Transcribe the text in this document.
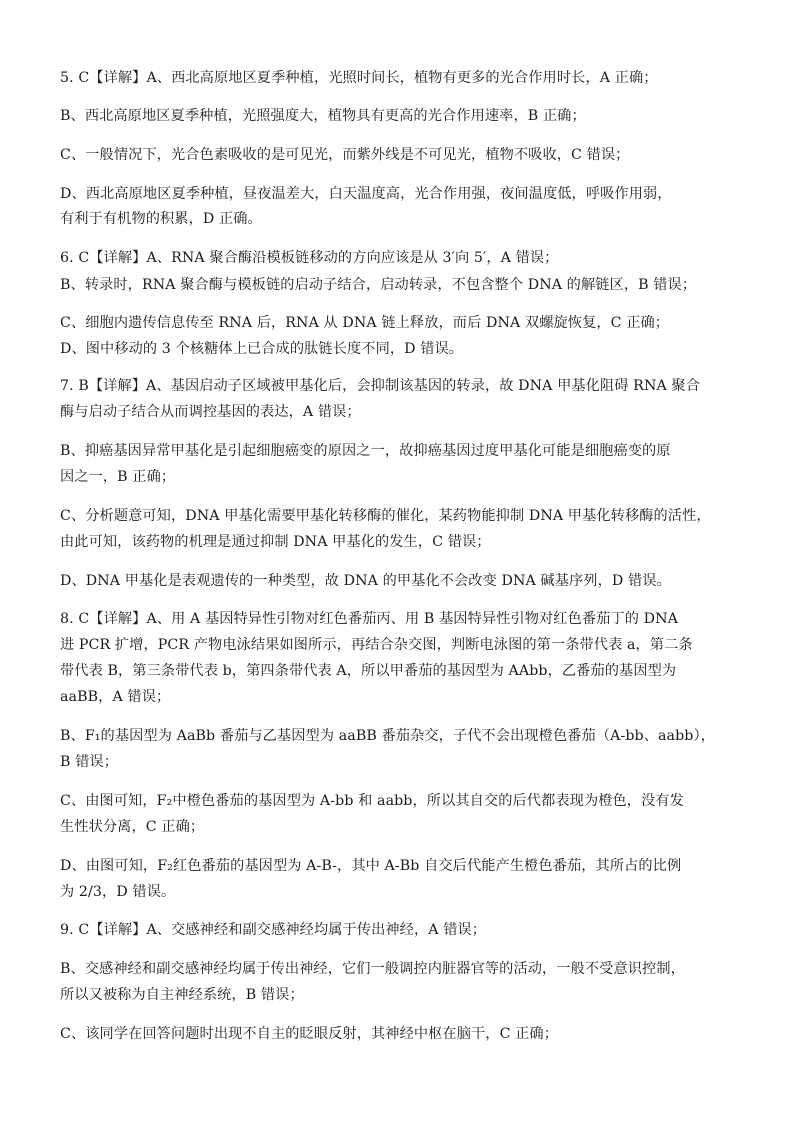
5. C【详解】A、西北高原地区夏季种植，光照时间长，植物有更多的光合作用时长，A 正确；
B、西北高原地区夏季种植，光照强度大，植物具有更高的光合作用速率，B 正确；
C、一般情况下，光合色素吸收的是可见光，而紫外线是不可见光，植物不吸收，C 错误；
D、西北高原地区夏季种植，昼夜温差大，白天温度高，光合作用强，夜间温度低，呼吸作用弱，
有利于有机物的积累，D 正确。
6. C【详解】A、RNA 聚合酶沿模板链移动的方向应该是从 3′向 5′，A 错误；
B、转录时，RNA 聚合酶与模板链的启动子结合，启动转录，不包含整个 DNA 的解链区，B 错误；
C、细胞内遗传信息传至 RNA 后，RNA 从 DNA 链上释放，而后 DNA 双螺旋恢复，C 正确；
D、图中移动的 3 个核糖体上已合成的肽链长度不同，D 错误。
7. B【详解】A、基因启动子区域被甲基化后，会抑制该基因的转录，故 DNA 甲基化阻碍 RNA 聚合
酶与启动子结合从而调控基因的表达，A 错误；
B、抑癌基因异常甲基化是引起细胞癌变的原因之一，故抑癌基因过度甲基化可能是细胞癌变的原
因之一，B 正确；
C、分析题意可知，DNA 甲基化需要甲基化转移酶的催化，某药物能抑制 DNA 甲基化转移酶的活性，
由此可知，该药物的机理是通过抑制 DNA 甲基化的发生，C 错误；
D、DNA 甲基化是表观遗传的一种类型，故 DNA 的甲基化不会改变 DNA 碱基序列，D 错误。
8. C【详解】A、用 A 基因特异性引物对红色番茄丙、用 B 基因特异性引物对红色番茄丁的 DNA
进 PCR 扩增，PCR 产物电泳结果如图所示，再结合杂交图，判断电泳图的第一条带代表 a，第二条
带代表 B，第三条带代表 b，第四条带代表 A，所以甲番茄的基因型为 AAbb，乙番茄的基因型为
aaBB，A 错误；
B、F₁的基因型为 AaBb 番茄与乙基因型为 aaBB 番茄杂交，子代不会出现橙色番茄（A-bb、aabb），
B 错误；
C、由图可知，F₂中橙色番茄的基因型为 A-bb 和 aabb，所以其自交的后代都表现为橙色，没有发
生性状分离，C 正确；
D、由图可知，F₂红色番茄的基因型为 A-B-，其中 A-Bb 自交后代能产生橙色番茄，其所占的比例
为 2/3，D 错误。
9. C【详解】A、交感神经和副交感神经均属于传出神经，A 错误；
B、交感神经和副交感神经均属于传出神经，它们一般调控内脏器官等的活动，一般不受意识控制，
所以又被称为自主神经系统，B 错误；
C、该同学在回答问题时出现不自主的眨眼反射，其神经中枢在脑干，C 正确；
